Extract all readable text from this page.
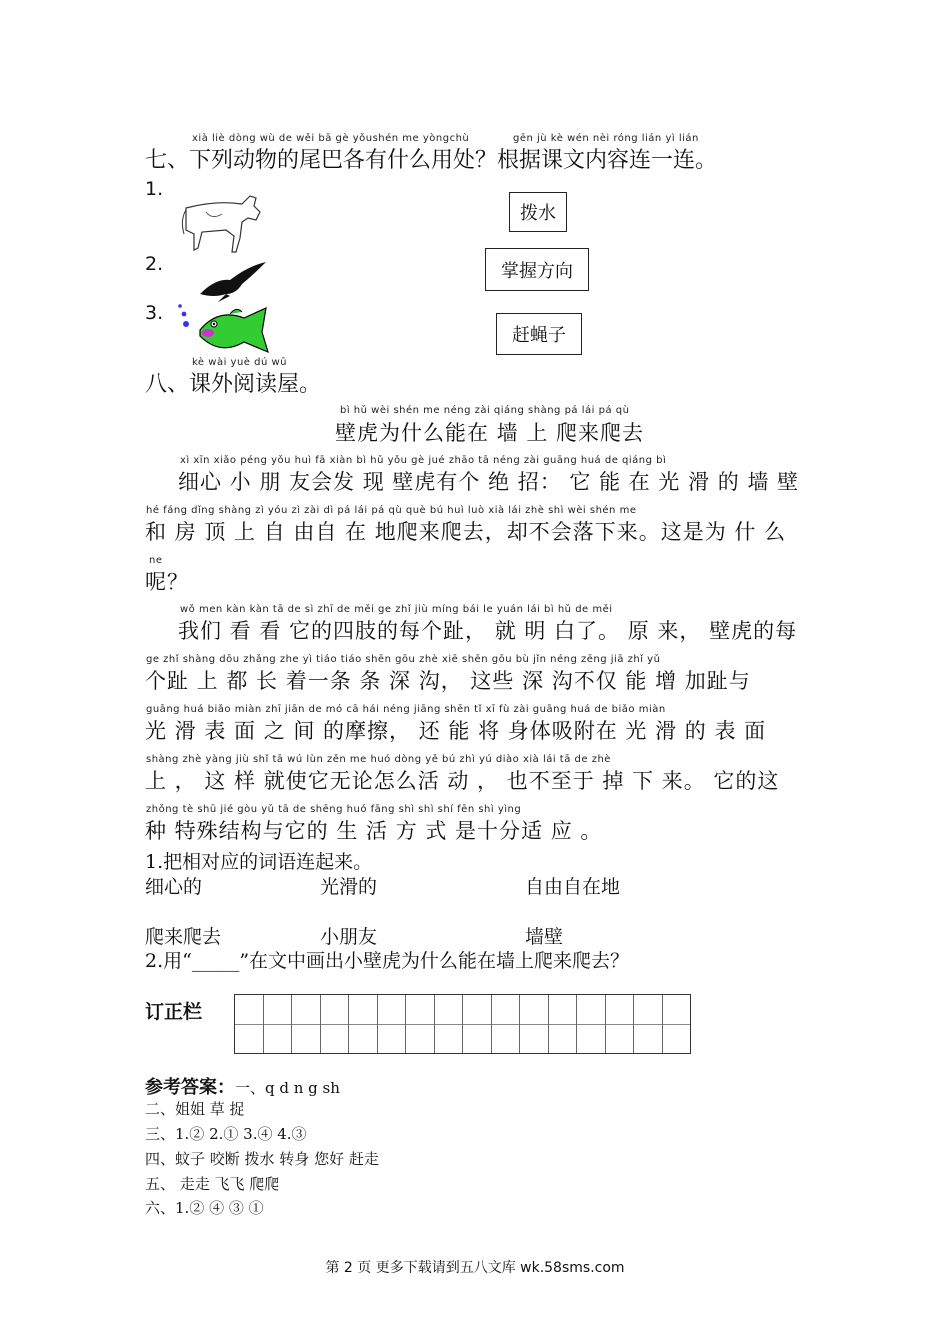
xià liè dòng wù de wěi bā gè yǒushén me yòngchù	gēn jù kè wén nèi róng lián yì lián
七、下列动物的尾巴各有什么用处？根据课文内容连一连。
1.
2.
3.
拨水
掌握方向
赶蝇子
kè wài yuè dú wū
八、课外阅读屋。
bì hǔ wèi shén me néng zài qiáng shàng pá lái pá qù
壁虎为什么能在 墙 上 爬来爬去
xì xīn xiǎo péng yǒu huì fā xiàn bì hǔ yǒu gè jué zhāo tā néng zài guāng huá de qiáng bì
细心 小 朋 友会发 现 壁虎有个 绝 招： 它 能 在 光 滑 的 墙 壁
hé fáng dǐng shàng zì yóu zì zài dì pá lái pá qù què bú huì luò xià lái zhè shì wèi shén me
和 房 顶 上 自 由自 在 地爬来爬去，却不会落下来。这是为 什 么
ne
呢？
wǒ men kàn kàn tā de sì zhī de měi ge zhǐ jiù míng bái le yuán lái bì hǔ de měi
我们 看 看 它的四肢的每个趾， 就 明 白了。 原 来， 壁虎的每
ge zhǐ shàng dōu zhǎng zhe yì tiáo tiáo shēn gōu zhè xiē shēn gōu bù jǐn néng zēng jiā zhǐ yǔ
个趾 上 都 长 着一条 条 深 沟， 这些 深 沟不仅 能 增 加趾与
guāng huá biǎo miàn zhī jiān de mó cā hái néng jiāng shēn tǐ xī fù zài guāng huá de biǎo miàn
光 滑 表 面 之 间 的摩擦， 还 能 将 身体吸附在 光 滑 的 表 面
shàng zhè yàng jiù shǐ tā wú lùn zěn me huó dòng yě bú zhì yú diào xià lái tā de zhè
上 ， 这 样 就使它无论怎么活 动 ， 也不至于 掉 下 来。 它的这
zhǒng tè shū jié gòu yǔ tā de shēng huó fāng shì shì shí fēn shì yìng
种 特殊结构与它的 生 活 方 式 是十分适 应 。
1.把相对应的词语连起来。
细心的	光滑的	自由自在地
爬来爬去	小朋友	墙壁
2.用“_____”在文中画出小壁虎为什么能在墙上爬来爬去？
订正栏
参考答案：一、q d n g sh
二、姐姐 草 捉
三、1.② 2.① 3.④ 4.③
四、蚊子 咬断 拨水 转身 您好 赶走
五、 走走 飞飞 爬爬
六、1.② ④ ③ ①
第 2 页 更多下载请到五八文库 wk.58sms.com
